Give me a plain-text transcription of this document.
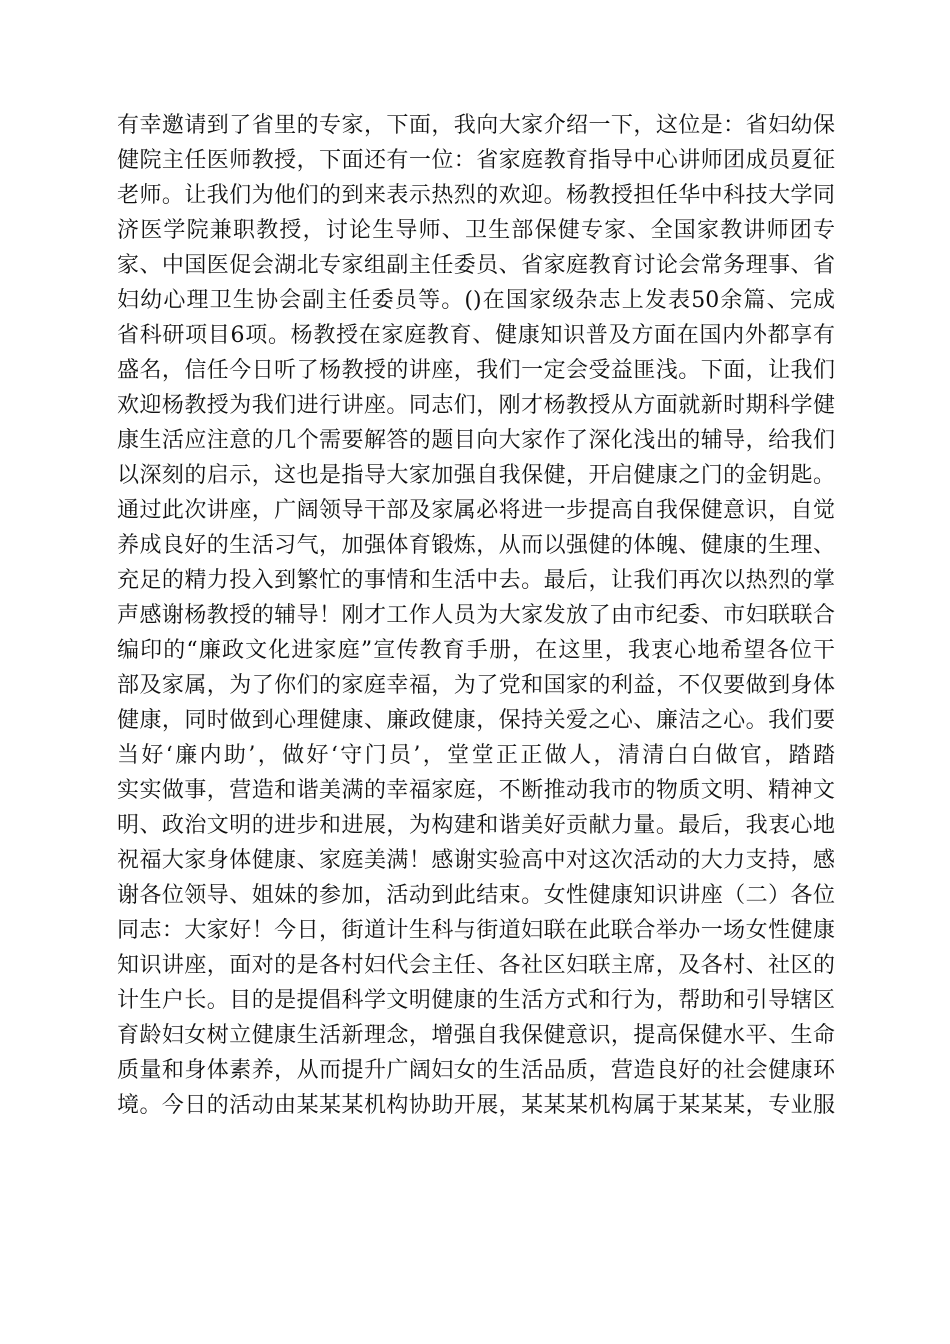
有幸邀请到了省里的专家，下面，我向大家介绍一下，这位是：省妇幼保
健院主任医师教授，下面还有一位：省家庭教育指导中心讲师团成员夏征
老师。让我们为他们的到来表示热烈的欢迎。杨教授担任华中科技大学同
济医学院兼职教授，讨论生导师、卫生部保健专家、全国家教讲师团专
家、中国医促会湖北专家组副主任委员、省家庭教育讨论会常务理事、省
妇幼心理卫生协会副主任委员等。()在国家级杂志上发表50余篇、完成
省科研项目6项。杨教授在家庭教育、健康知识普及方面在国内外都享有
盛名，信任今日听了杨教授的讲座，我们一定会受益匪浅。下面，让我们
欢迎杨教授为我们进行讲座。同志们，刚才杨教授从方面就新时期科学健
康生活应注意的几个需要解答的题目向大家作了深化浅出的辅导，给我们
以深刻的启示，这也是指导大家加强自我保健，开启健康之门的金钥匙。
通过此次讲座，广阔领导干部及家属必将进一步提高自我保健意识，自觉
养成良好的生活习气，加强体育锻炼，从而以强健的体魄、健康的生理、
充足的精力投入到繁忙的事情和生活中去。最后，让我们再次以热烈的掌
声感谢杨教授的辅导！刚才工作人员为大家发放了由市纪委、市妇联联合
编印的“廉政文化进家庭”宣传教育手册，在这里，我衷心地希望各位干
部及家属，为了你们的家庭幸福，为了党和国家的利益，不仅要做到身体
健康，同时做到心理健康、廉政健康，保持关爱之心、廉洁之心。我们要
当好‘廉内助’，做好‘守门员’，堂堂正正做人，清清白白做官，踏踏
实实做事，营造和谐美满的幸福家庭，不断推动我市的物质文明、精神文
明、政治文明的进步和进展，为构建和谐美好贡献力量。最后，我衷心地
祝福大家身体健康、家庭美满！感谢实验高中对这次活动的大力支持，感
谢各位领导、姐妹的参加，活动到此结束。女性健康知识讲座（二）各位
同志：大家好！今日，街道计生科与街道妇联在此联合举办一场女性健康
知识讲座，面对的是各村妇代会主任、各社区妇联主席，及各村、社区的
计生户长。目的是提倡科学文明健康的生活方式和行为，帮助和引导辖区
育龄妇女树立健康生活新理念，增强自我保健意识，提高保健水平、生命
质量和身体素养，从而提升广阔妇女的生活品质，营造良好的社会健康环
境。今日的活动由某某某机构协助开展，某某某机构属于某某某，专业服
